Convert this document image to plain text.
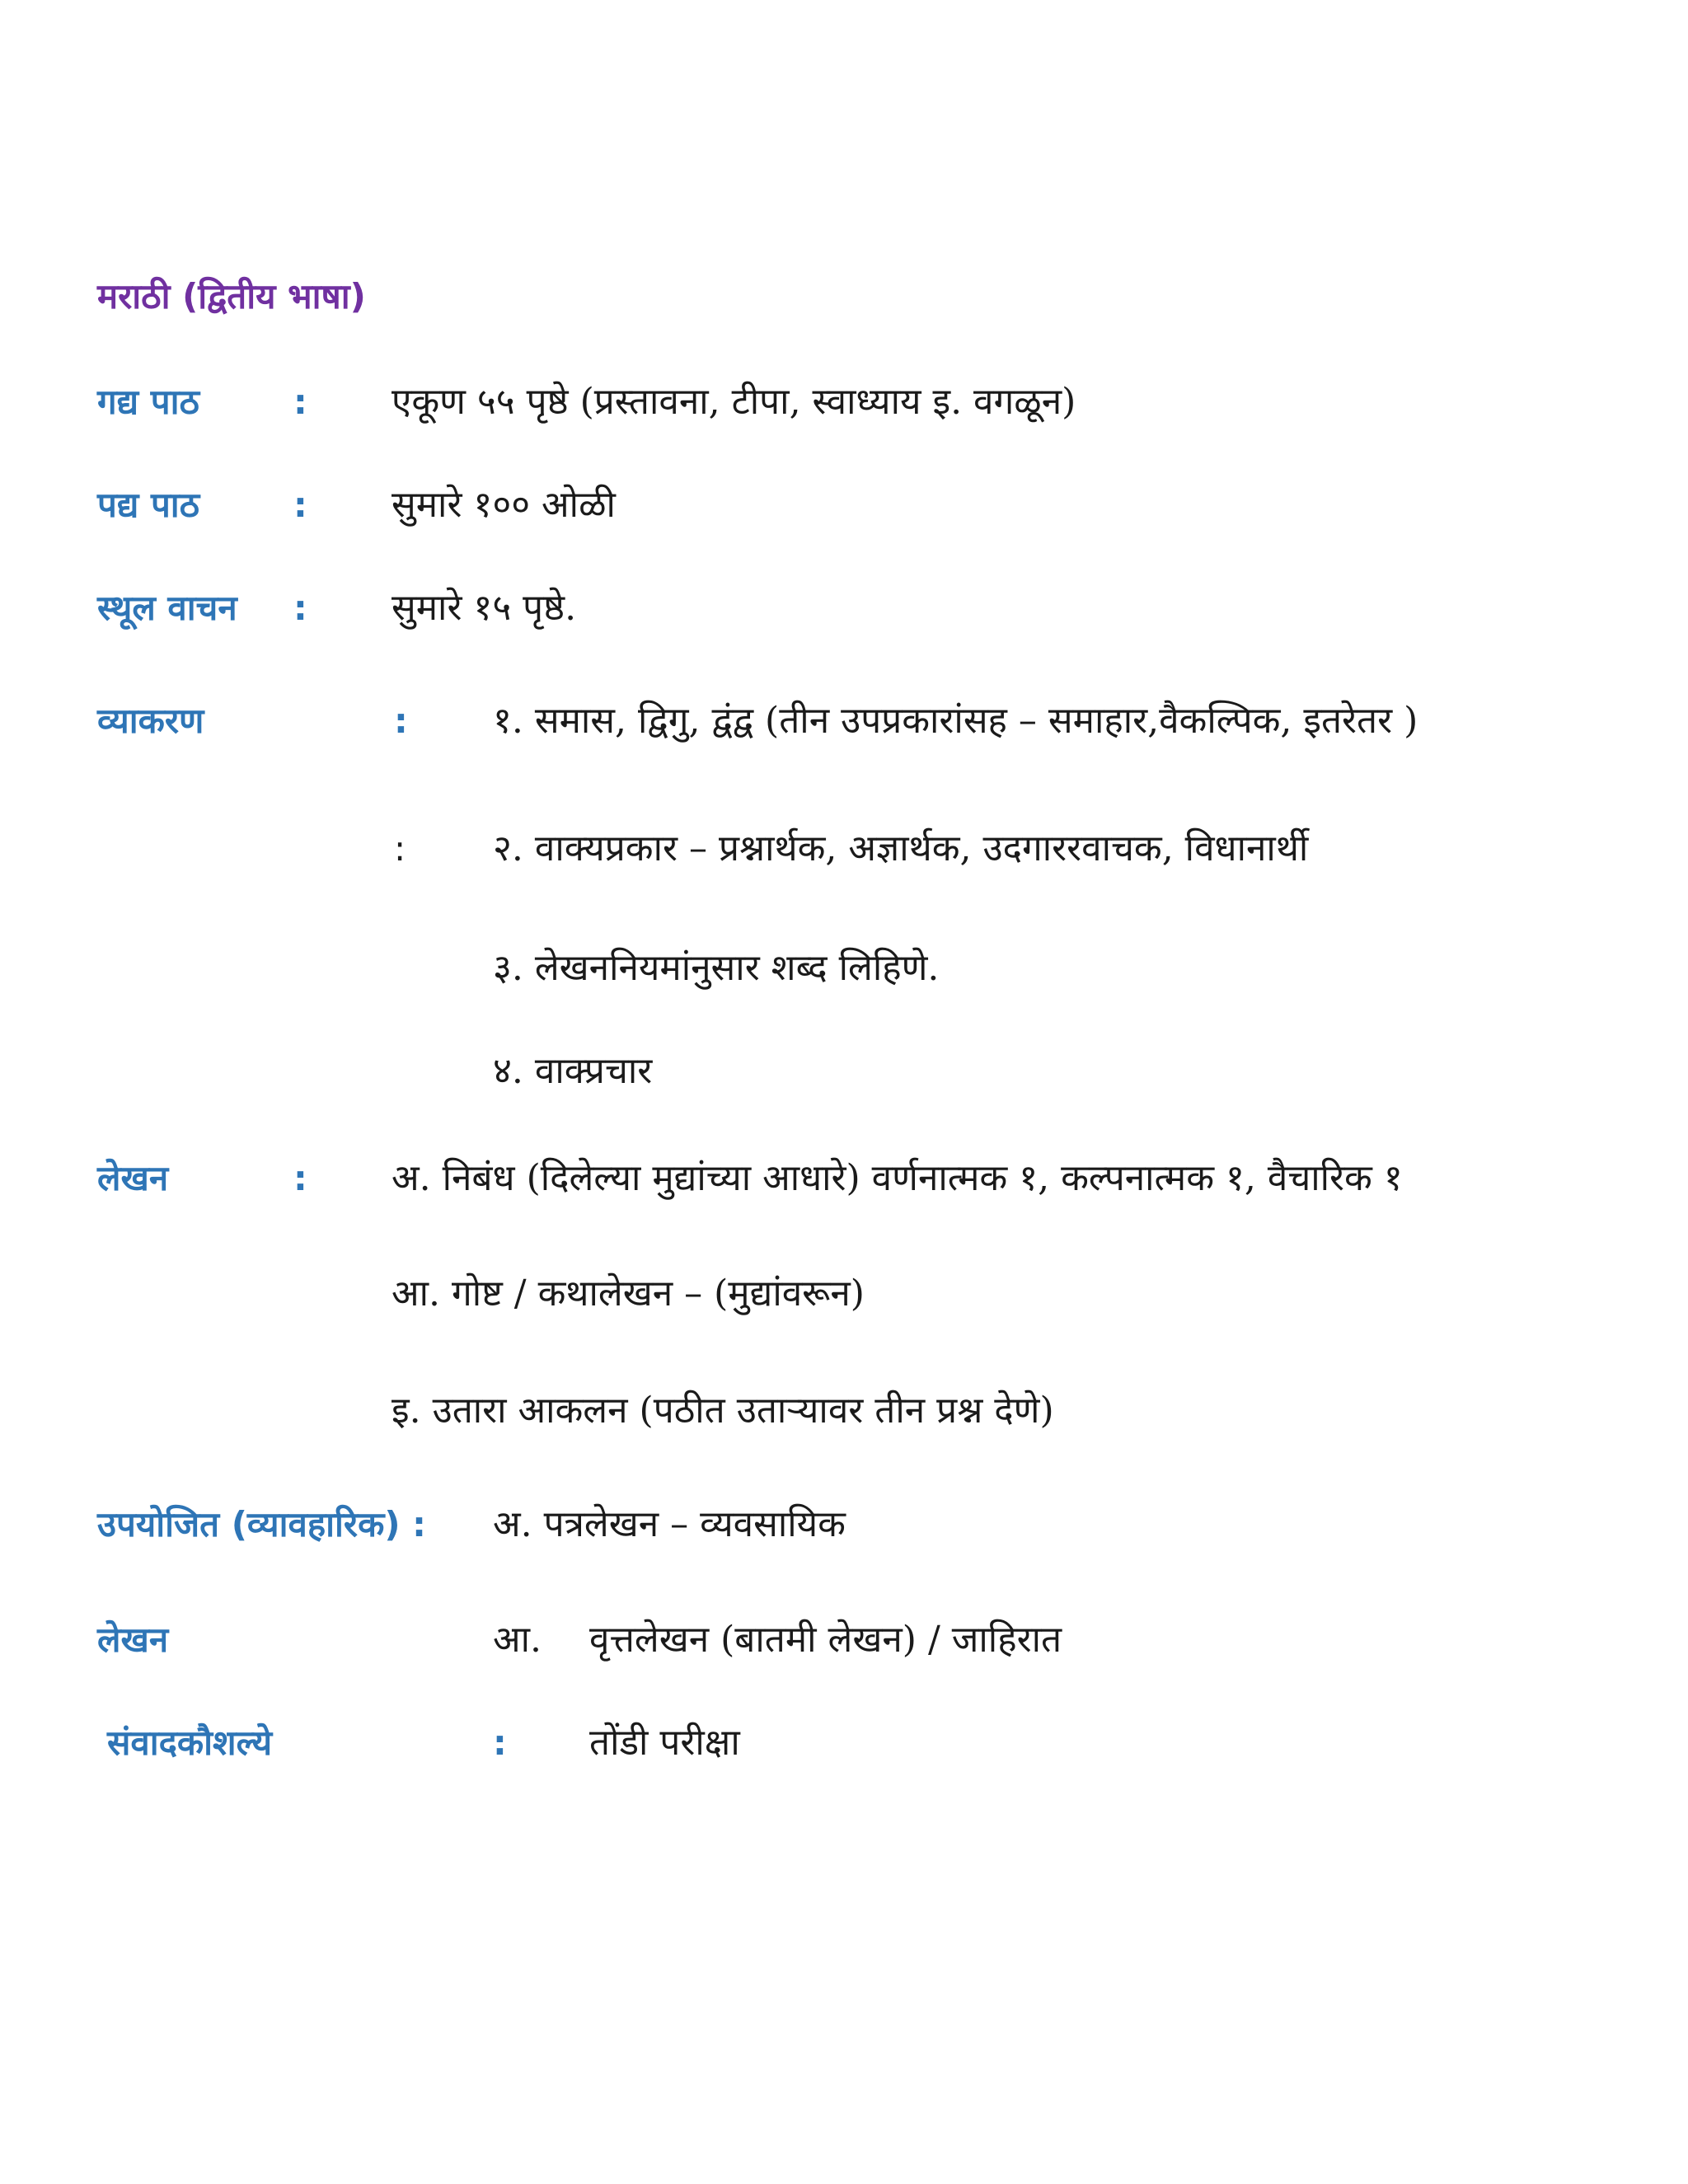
मराठी (द्वितीय भाषा)
गद्य पाठ	: एकूण ५५ पृष्ठे (प्रस्तावना, टीपा, स्वाध्याय इ. वगळून)
पद्य पाठ	: सुमारे १०० ओळी
स्थूल वाचन : सुमारे १५ पृष्ठे.
व्याकरण	: १. समास, द्विगु, द्वंद्व (तीन उपप्रकारांसह – समाहार,वैकल्पिक, इतरेतर )
: २. वाक्यप्रकार – प्रश्नार्थक, अज्ञार्थक, उदगाररवाचक, विधानार्थी
३. लेखननियमांनुसार शब्द लिहिणे.
४. वाक्प्रचार
लेखन	: अ. निबंध (दिलेल्या मुद्यांच्या आधारे) वर्णनात्मक १, कल्पनात्मक १, वैचारिक १
आ. गोष्ट / कथालेखन – (मुद्यांवरून)
इ. उतारा आकलन (पठीत उताऱ्यावर तीन प्रश्न देणे)
उपयोजित (व्यावहारिक) : अ. पत्रलेखन – व्यवसायिक
लेखन	आ. वृत्तलेखन (बातमी लेखन) / जाहिरात
संवादकौशल्ये	: तोंडी परीक्षा
